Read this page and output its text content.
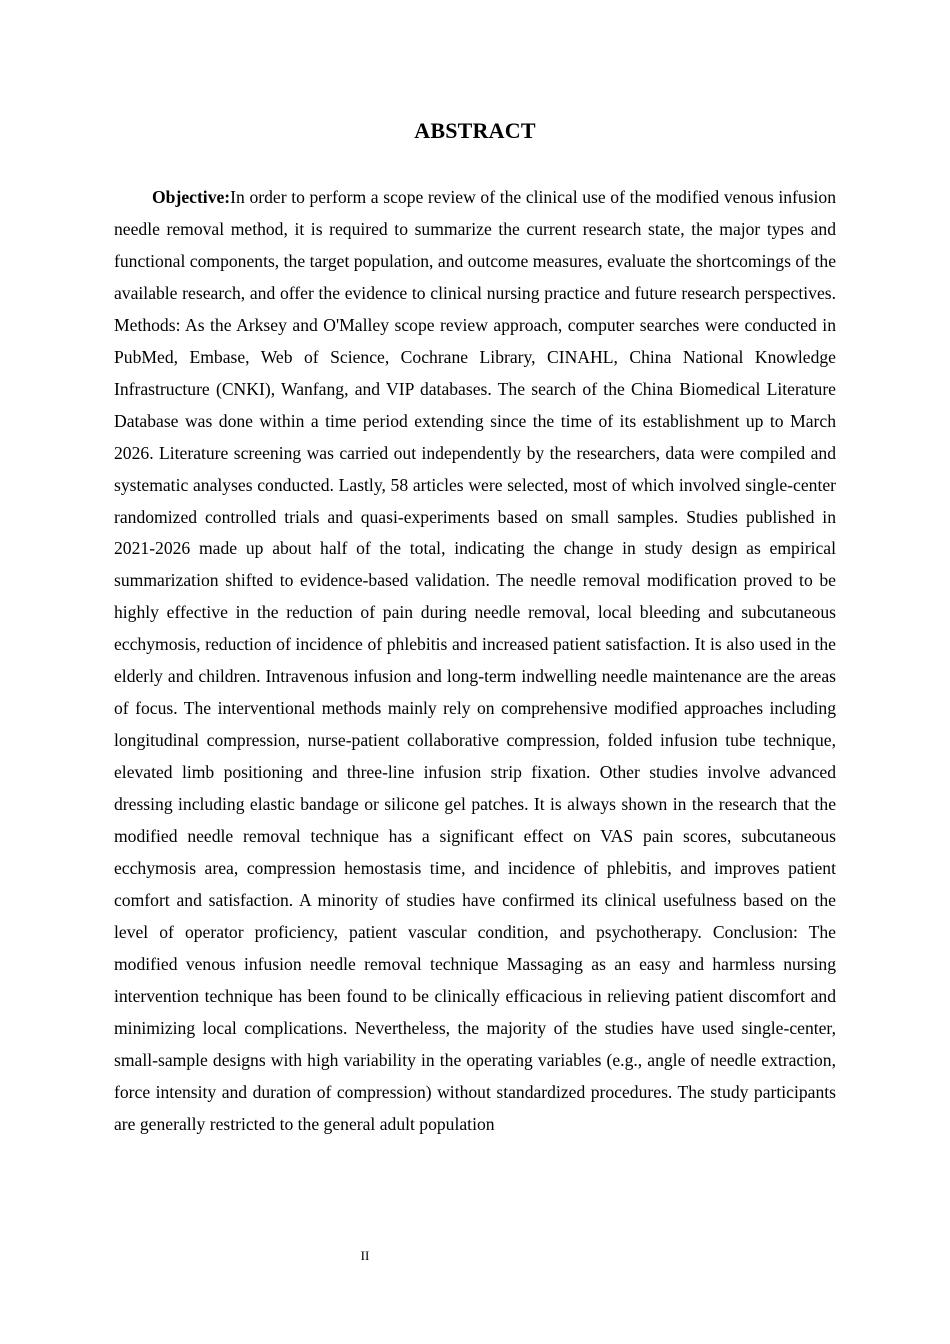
ABSTRACT

Objective:In order to perform a scope review of the clinical use of the modified venous infusion needle removal method, it is required to summarize the current research state, the major types and functional components, the target population, and outcome measures, evaluate the shortcomings of the available research, and offer the evidence to clinical nursing practice and future research perspectives. Methods: As the Arksey and O'Malley scope review approach, computer searches were conducted in PubMed, Embase, Web of Science, Cochrane Library, CINAHL, China National Knowledge Infrastructure (CNKI), Wanfang, and VIP databases. The search of the China Biomedical Literature Database was done within a time period extending since the time of its establishment up to March 2026. Literature screening was carried out independently by the researchers, data were compiled and systematic analyses conducted. Lastly, 58 articles were selected, most of which involved single-center randomized controlled trials and quasi-experiments based on small samples. Studies published in 2021-2026 made up about half of the total, indicating the change in study design as empirical summarization shifted to evidence-based validation. The needle removal modification proved to be highly effective in the reduction of pain during needle removal, local bleeding and subcutaneous ecchymosis, reduction of incidence of phlebitis and increased patient satisfaction. It is also used in the elderly and children. Intravenous infusion and long-term indwelling needle maintenance are the areas of focus. The interventional methods mainly rely on comprehensive modified approaches including longitudinal compression, nurse-patient collaborative compression, folded infusion tube technique, elevated limb positioning and three-line infusion strip fixation. Other studies involve advanced dressing including elastic bandage or silicone gel patches. It is always shown in the research that the modified needle removal technique has a significant effect on VAS pain scores, subcutaneous ecchymosis area, compression hemostasis time, and incidence of phlebitis, and improves patient comfort and satisfaction. A minority of studies have confirmed its clinical usefulness based on the level of operator proficiency, patient vascular condition, and psychotherapy. Conclusion: The modified venous infusion needle removal technique Massaging as an easy and harmless nursing intervention technique has been found to be clinically efficacious in relieving patient discomfort and minimizing local complications. Nevertheless, the majority of the studies have used single-center, small-sample designs with high variability in the operating variables (e.g., angle of needle extraction, force intensity and duration of compression) without standardized procedures. The study participants are generally restricted to the general adult population

II
